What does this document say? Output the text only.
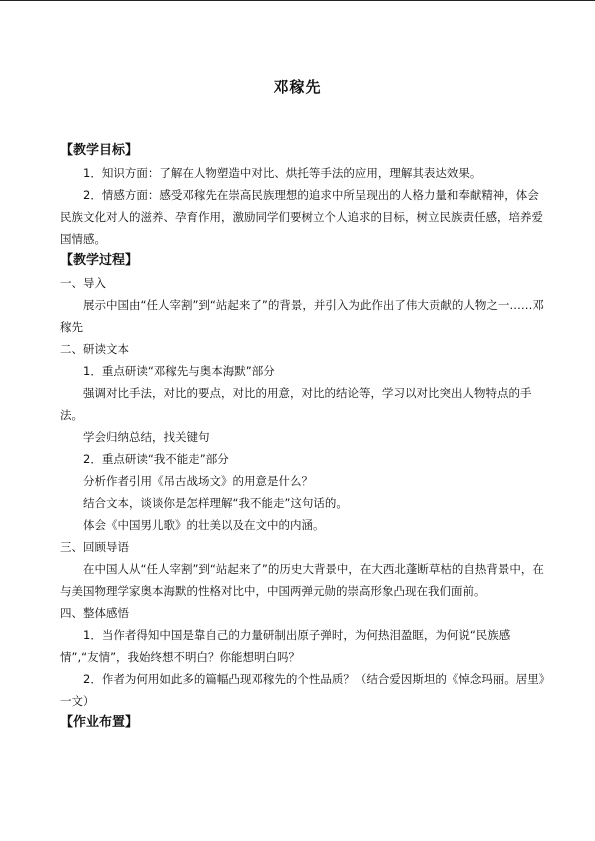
邓稼先

【教学目标】

1．知识方面：了解在人物塑造中对比、烘托等手法的应用，理解其表达效果。

2．情感方面：感受邓稼先在崇高民族理想的追求中所呈现出的人格力量和奉献精神，体会民族文化对人的滋养、孕育作用，激励同学们要树立个人追求的目标，树立民族责任感，培养爱国情感。

【教学过程】

一、导入

展示中国由“任人宰割”到“站起来了”的背景，并引入为此作出了伟大贡献的人物之一……邓稼先

二、研读文本

1．重点研读“邓稼先与奥本海默”部分

强调对比手法，对比的要点，对比的用意，对比的结论等，学习以对比突出人物特点的手法。

学会归纳总结，找关键句

2．重点研读“我不能走”部分

分析作者引用《吊古战场文》的用意是什么？

结合文本，谈谈你是怎样理解“我不能走”这句话的。

体会《中国男儿歌》的壮美以及在文中的内涵。

三、回顾导语

在中国人从“任人宰割”到“站起来了”的历史大背景中，在大西北蓬断草枯的自热背景中，在与美国物理学家奥本海默的性格对比中，中国两弹元勋的崇高形象凸现在我们面前。

四、整体感悟

1．当作者得知中国是靠自己的力量研制出原子弹时，为何热泪盈眶，为何说“民族感情”,“友情”，我始终想不明白？你能想明白吗？

2．作者为何用如此多的篇幅凸现邓稼先的个性品质？（结合爱因斯坦的《悼念玛丽。居里》一文）

【作业布置】
